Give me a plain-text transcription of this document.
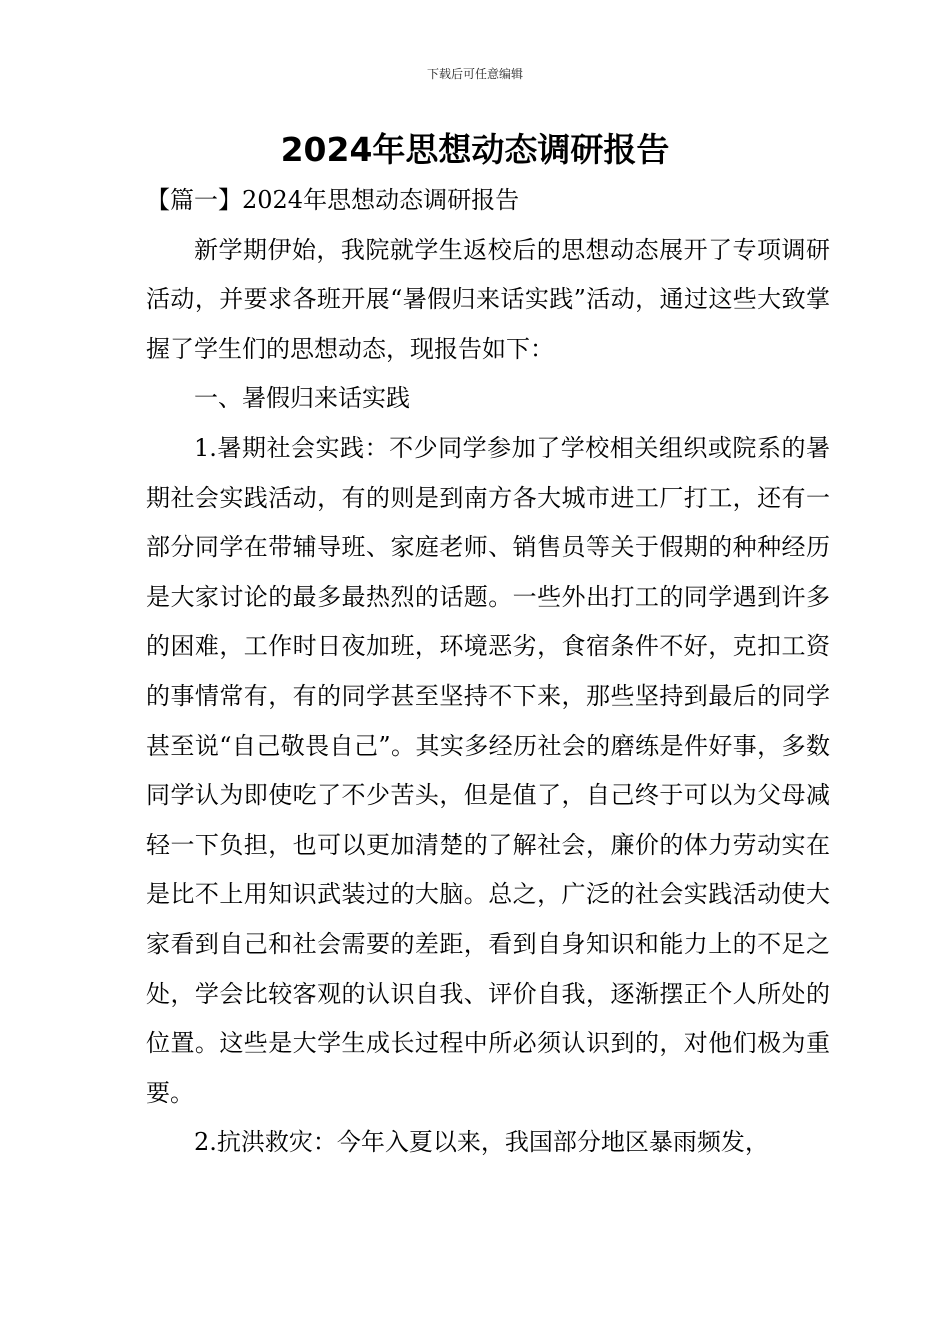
下载后可任意编辑
2024年思想动态调研报告

【篇一】2024年思想动态调研报告

新学期伊始，我院就学生返校后的思想动态展开了专项调研活动，并要求各班开展“暑假归来话实践”活动，通过这些大致掌握了学生们的思想动态，现报告如下：

一、暑假归来话实践

1.暑期社会实践：不少同学参加了学校相关组织或院系的暑期社会实践活动，有的则是到南方各大城市进工厂打工，还有一部分同学在带辅导班、家庭老师、销售员等关于假期的种种经历是大家讨论的最多最热烈的话题。一些外出打工的同学遇到许多的困难，工作时日夜加班，环境恶劣，食宿条件不好，克扣工资的事情常有，有的同学甚至坚持不下来，那些坚持到最后的同学甚至说“自己敬畏自己”。其实多经历社会的磨练是件好事，多数同学认为即使吃了不少苦头，但是值了，自己终于可以为父母减轻一下负担，也可以更加清楚的了解社会，廉价的体力劳动实在是比不上用知识武装过的大脑。总之，广泛的社会实践活动使大家看到自己和社会需要的差距，看到自身知识和能力上的不足之处，学会比较客观的认识自我、评价自我，逐渐摆正个人所处的位置。这些是大学生成长过程中所必须认识到的，对他们极为重要。

2.抗洪救灾：今年入夏以来，我国部分地区暴雨频发，
